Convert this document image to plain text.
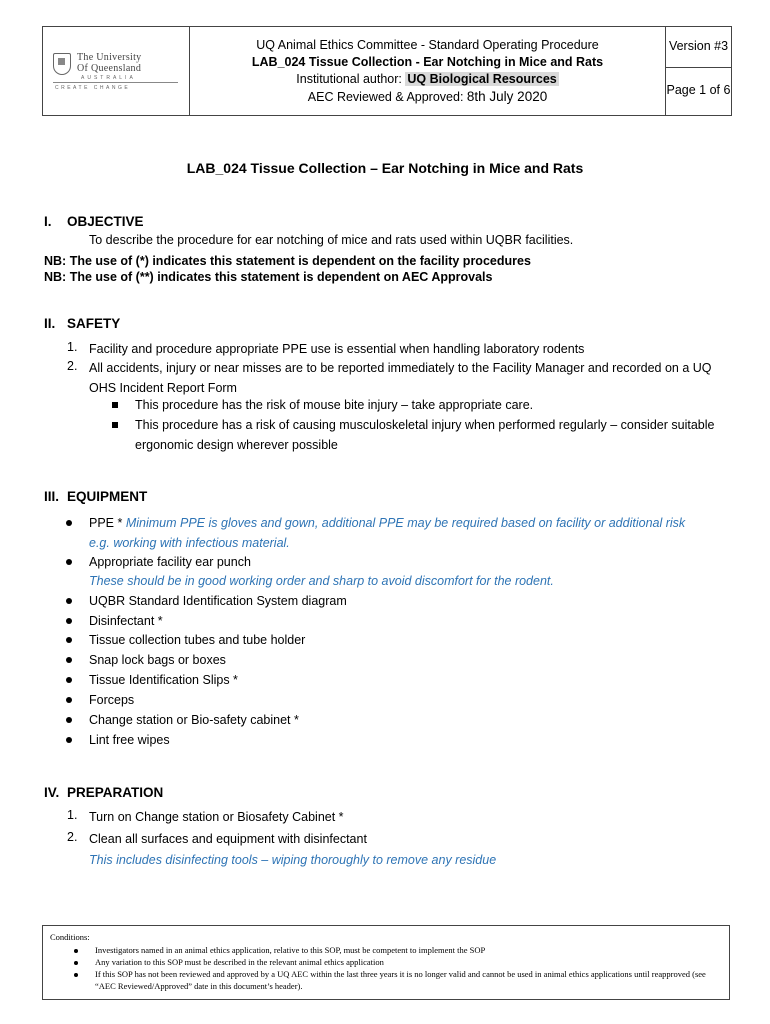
The University
Of Queensland
AUSTRALIA
CREATE CHANGE
UQ Animal Ethics Committee - Standard Operating Procedure
LAB_024 Tissue Collection - Ear Notching in Mice and Rats
Institutional author: UQ Biological Resources
AEC Reviewed & Approved: 8th July 2020
Version #3
Page 1 of 6
LAB_024 Tissue Collection – Ear Notching in Mice and Rats
I. OBJECTIVE
To describe the procedure for ear notching of mice and rats used within UQBR facilities.
NB: The use of (*) indicates this statement is dependent on the facility procedures
NB: The use of (**) indicates this statement is dependent on AEC Approvals
II. SAFETY
1. Facility and procedure appropriate PPE use is essential when handling laboratory rodents
2. All accidents, injury or near misses are to be reported immediately to the Facility Manager and recorded on a UQ OHS Incident Report Form
This procedure has the risk of mouse bite injury – take appropriate care.
This procedure has a risk of causing musculoskeletal injury when performed regularly – consider suitable ergonomic design wherever possible
III. EQUIPMENT
PPE * Minimum PPE is gloves and gown, additional PPE may be required based on facility or additional risk e.g. working with infectious material.
Appropriate facility ear punch
These should be in good working order and sharp to avoid discomfort for the rodent.
UQBR Standard Identification System diagram
Disinfectant *
Tissue collection tubes and tube holder
Snap lock bags or boxes
Tissue Identification Slips *
Forceps
Change station or Bio-safety cabinet *
Lint free wipes
IV. PREPARATION
1. Turn on Change station or Biosafety Cabinet *
2. Clean all surfaces and equipment with disinfectant
This includes disinfecting tools – wiping thoroughly to remove any residue
Conditions:
Investigators named in an animal ethics application, relative to this SOP, must be competent to implement the SOP
Any variation to this SOP must be described in the relevant animal ethics application
If this SOP has not been reviewed and approved by a UQ AEC within the last three years it is no longer valid and cannot be used in animal ethics applications until reapproved (see “AEC Reviewed/Approved” date in this document’s header).
